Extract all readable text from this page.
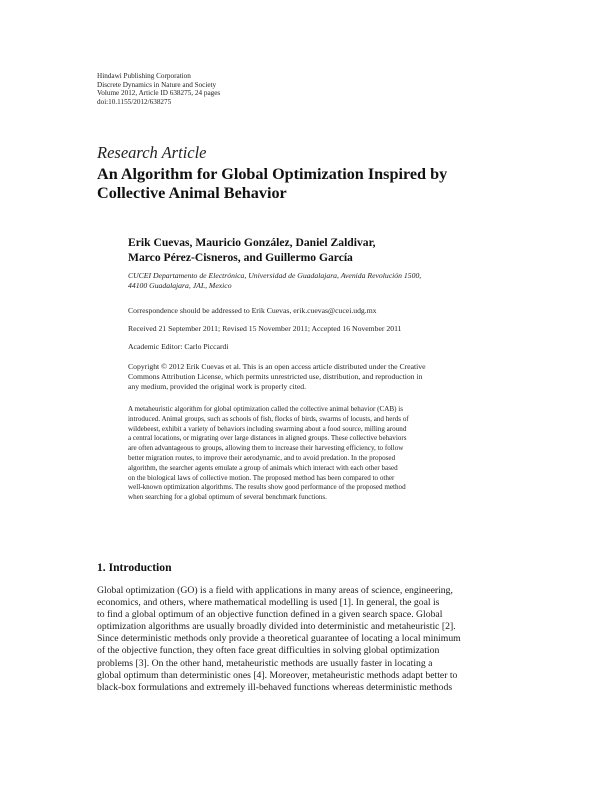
Hindawi Publishing Corporation
Discrete Dynamics in Nature and Society
Volume 2012, Article ID 638275, 24 pages
doi:10.1155/2012/638275
Research Article
An Algorithm for Global Optimization Inspired by
Collective Animal Behavior
Erik Cuevas, Mauricio González, Daniel Zaldivar,
Marco Pérez-Cisneros, and Guillermo García
CUCEI Departamento de Electrónica, Universidad de Guadalajara, Avenida Revolución 1500,
44100 Guadalajara, JAL, Mexico
Correspondence should be addressed to Erik Cuevas, erik.cuevas@cucei.udg.mx
Received 21 September 2011; Revised 15 November 2011; Accepted 16 November 2011
Academic Editor: Carlo Piccardi
Copyright © 2012 Erik Cuevas et al. This is an open access article distributed under the Creative
Commons Attribution License, which permits unrestricted use, distribution, and reproduction in
any medium, provided the original work is properly cited.
A metaheuristic algorithm for global optimization called the collective animal behavior (CAB) is
introduced. Animal groups, such as schools of fish, flocks of birds, swarms of locusts, and herds of
wildebeest, exhibit a variety of behaviors including swarming about a food source, milling around
a central locations, or migrating over large distances in aligned groups. These collective behaviors
are often advantageous to groups, allowing them to increase their harvesting efficiency, to follow
better migration routes, to improve their aerodynamic, and to avoid predation. In the proposed
algorithm, the searcher agents emulate a group of animals which interact with each other based
on the biological laws of collective motion. The proposed method has been compared to other
well-known optimization algorithms. The results show good performance of the proposed method
when searching for a global optimum of several benchmark functions.
1. Introduction
Global optimization (GO) is a field with applications in many areas of science, engineering,
economics, and others, where mathematical modelling is used [1]. In general, the goal is
to find a global optimum of an objective function defined in a given search space. Global
optimization algorithms are usually broadly divided into deterministic and metaheuristic [2].
Since deterministic methods only provide a theoretical guarantee of locating a local minimum
of the objective function, they often face great difficulties in solving global optimization
problems [3]. On the other hand, metaheuristic methods are usually faster in locating a
global optimum than deterministic ones [4]. Moreover, metaheuristic methods adapt better to
black-box formulations and extremely ill-behaved functions whereas deterministic methods
